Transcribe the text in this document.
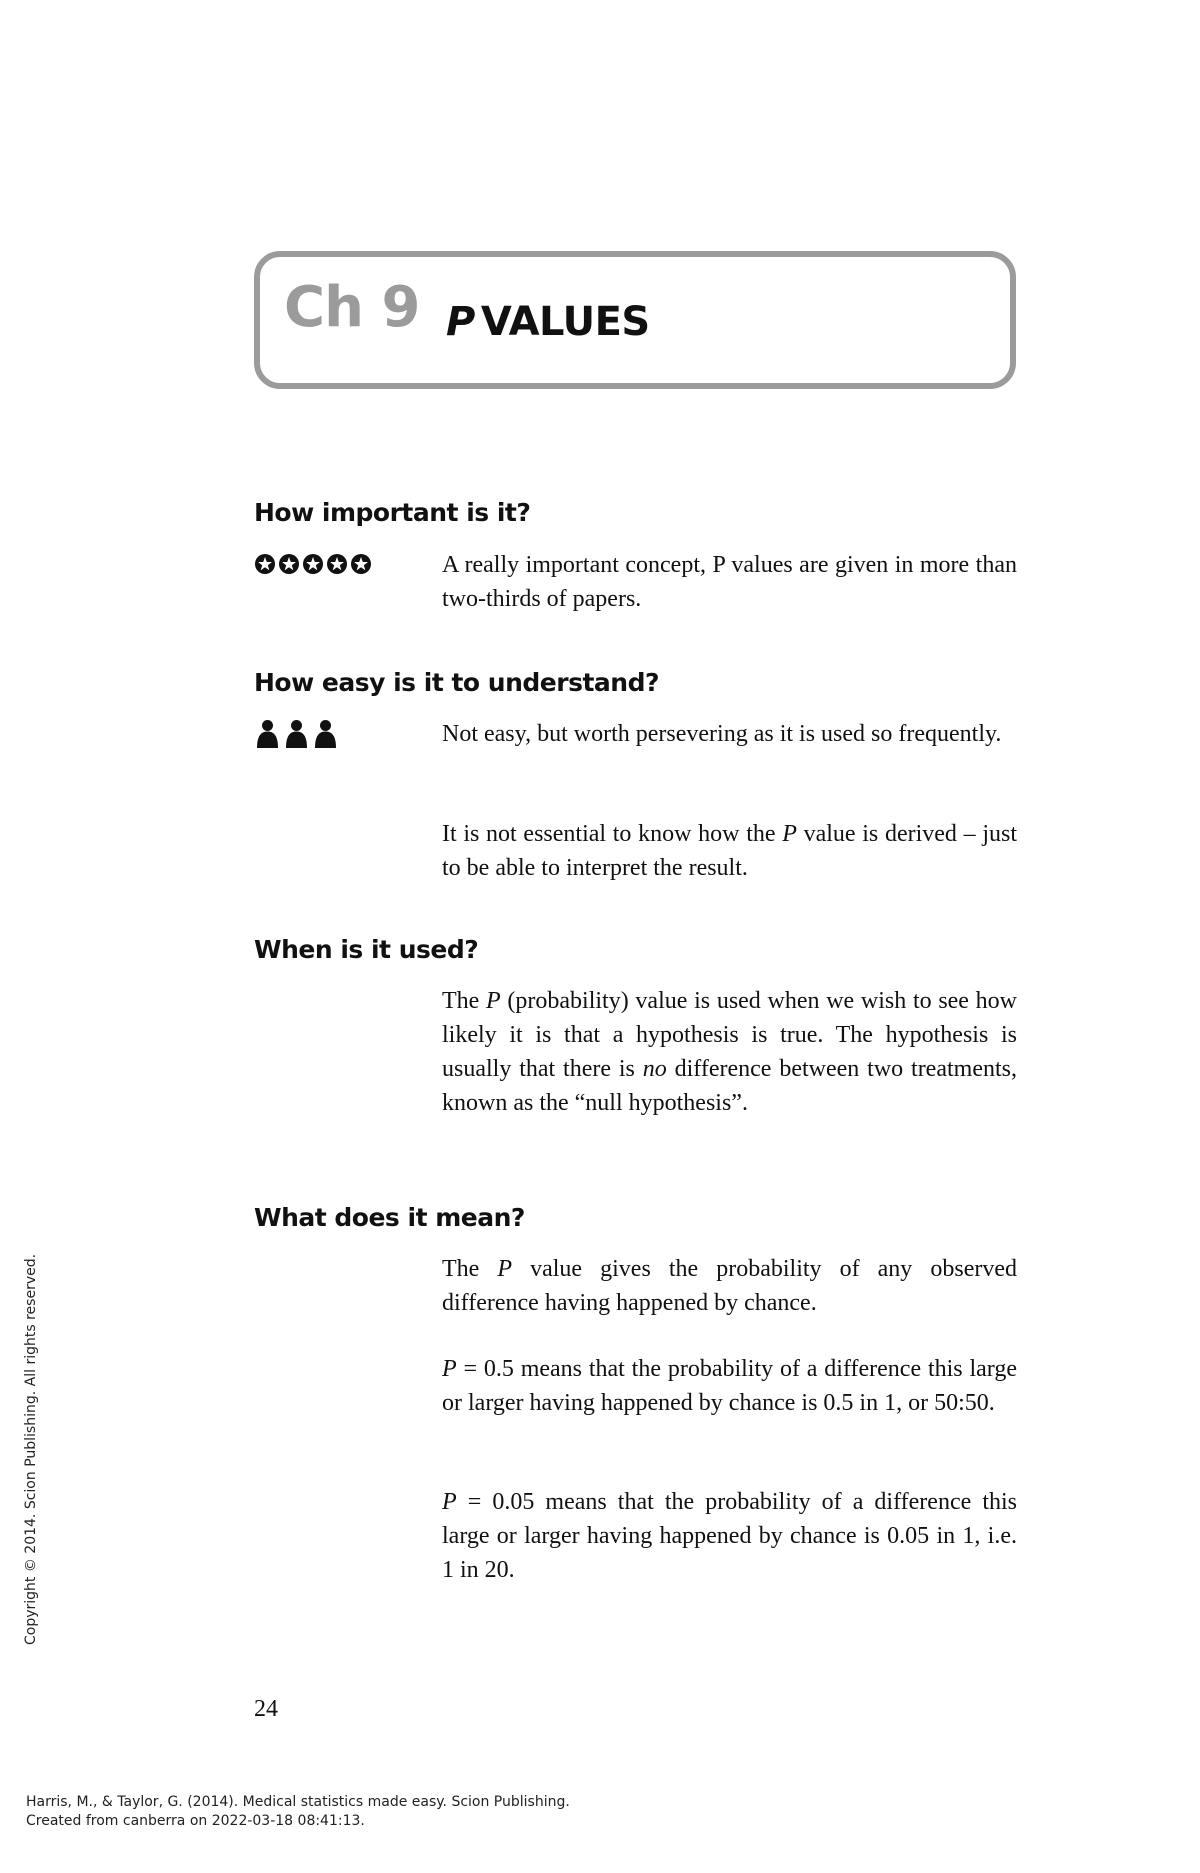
Ch 9 P VALUES
How important is it?
A really important concept, P values are given in more than two-thirds of papers.
How easy is it to understand?
Not easy, but worth persevering as it is used so frequently.
It is not essential to know how the P value is derived – just to be able to interpret the result.
When is it used?
The P (probability) value is used when we wish to see how likely it is that a hypothesis is true. The hypothesis is usually that there is no difference between two treatments, known as the “null hypothesis”.
What does it mean?
The P value gives the probability of any observed difference having happened by chance.
P = 0.5 means that the probability of a difference this large or larger having happened by chance is 0.5 in 1, or 50:50.
P = 0.05 means that the probability of a difference this large or larger having happened by chance is 0.05 in 1, i.e. 1 in 20.
24
Copyright © 2014. Scion Publishing. All rights reserved.
Harris, M., & Taylor, G. (2014). Medical statistics made easy. Scion Publishing.
Created from canberra on 2022-03-18 08:41:13.
